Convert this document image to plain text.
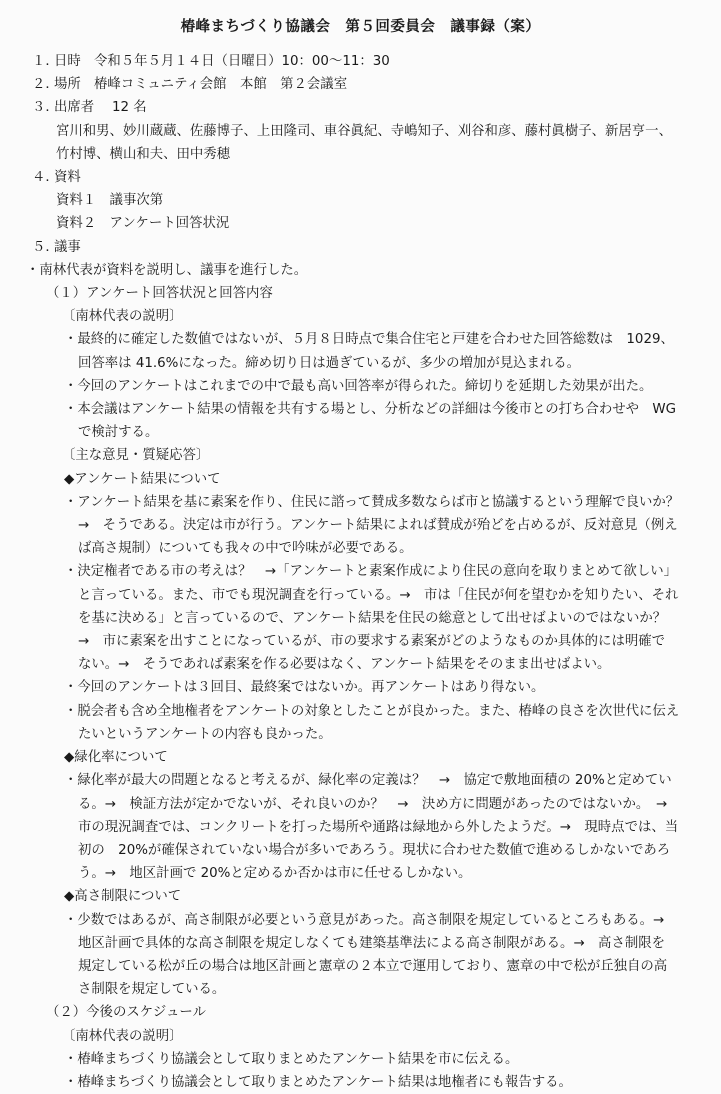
椿峰まちづくり協議会　第５回委員会　議事録（案）
１．日時 令和５年５月１４日（日曜日）10：00〜11：30
２．場所 椿峰コミュニティ会館　本館　第２会議室
３．出席者 12 名
宮川和男、妙川蔵蔵、佐藤博子、上田隆司、車谷眞紀、寺嶋知子、刈谷和彦、藤村眞樹子、新居亨一、
竹村博、横山和夫、田中秀穂
４．資料
資料１　議事次第
資料２　アンケート回答状況
５．議事
・南林代表が資料を説明し、議事を進行した。
（１）アンケート回答状況と回答内容
〔南林代表の説明〕
・最終的に確定した数値ではないが、５月８日時点で集合住宅と戸建を合わせた回答総数は　1029、
回答率は 41.6%になった。締め切り日は過ぎているが、多少の増加が見込まれる。
・今回のアンケートはこれまでの中で最も高い回答率が得られた。締切りを延期した効果が出た。
・本会議はアンケート結果の情報を共有する場とし、分析などの詳細は今後市との打ち合わせや　WG
で検討する。
〔主な意見・質疑応答〕
◆アンケート結果について
・アンケート結果を基に素案を作り、住民に諮って賛成多数ならば市と協議するという理解で良いか？
→　そうである。決定は市が行う。アンケート結果によれば賛成が殆どを占めるが、反対意見（例え
ば高さ規制）についても我々の中で吟味が必要である。
・決定権者である市の考えは？　→「アンケートと素案作成により住民の意向を取りまとめて欲しい」
と言っている。また、市でも現況調査を行っている。→　市は「住民が何を望むかを知りたい、それ
を基に決める」と言っているので、アンケート結果を住民の総意として出せばよいのではないか？
→　市に素案を出すことになっているが、市の要求する素案がどのようなものか具体的には明確で
ない。→　そうであれば素案を作る必要はなく、アンケート結果をそのまま出せばよい。
・今回のアンケートは３回目、最終案ではないか。再アンケートはあり得ない。
・脱会者も含め全地権者をアンケートの対象としたことが良かった。また、椿峰の良さを次世代に伝え
たいというアンケートの内容も良かった。
◆緑化率について
・緑化率が最大の問題となると考えるが、緑化率の定義は？　→　協定で敷地面積の 20%と定めてい
る。→　検証方法が定かでないが、それ良いのか？　→　決め方に問題があったのではないか。　→
市の現況調査では、コンクリートを打った場所や通路は緑地から外したようだ。→　現時点では、当
初の　20%が確保されていない場合が多いであろう。現状に合わせた数値で進めるしかないであろ
う。→　地区計画で 20%と定めるか否かは市に任せるしかない。
◆高さ制限について
・少数ではあるが、高さ制限が必要という意見があった。高さ制限を規定しているところもある。→
地区計画で具体的な高さ制限を規定しなくても建築基準法による高さ制限がある。→　高さ制限を
規定している松が丘の場合は地区計画と憲章の２本立で運用しており、憲章の中で松が丘独自の高
さ制限を規定している。
（２）今後のスケジュール
〔南林代表の説明〕
・椿峰まちづくり協議会として取りまとめたアンケート結果を市に伝える。
・椿峰まちづくり協議会として取りまとめたアンケート結果は地権者にも報告する。
